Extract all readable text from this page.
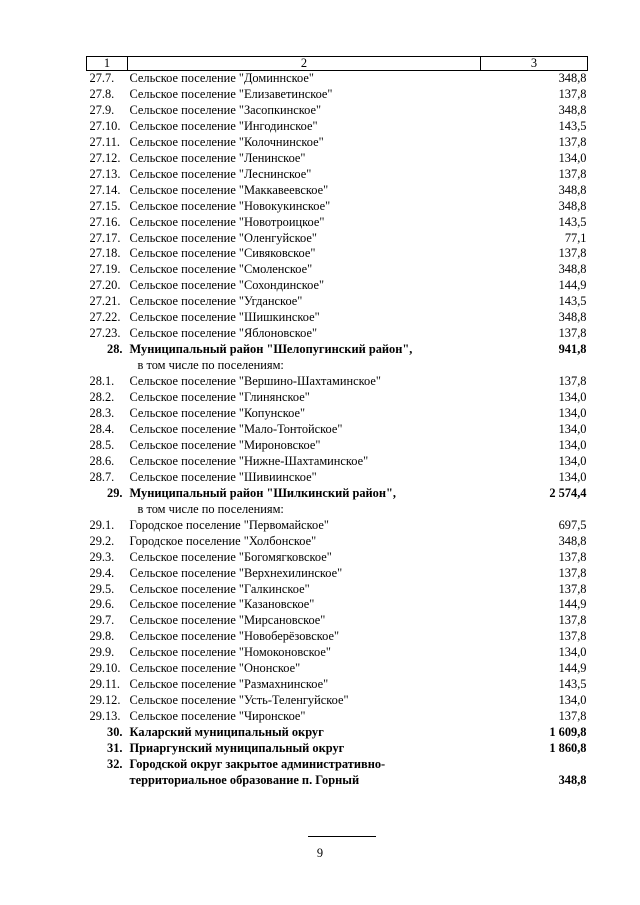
1	2	3
27.7.	Сельское поселение "Доминнское"	348,8
27.8.	Сельское поселение "Елизаветинское"	137,8
27.9.	Сельское поселение "Засопкинское"	348,8
27.10.	Сельское поселение "Ингодинское"	143,5
27.11.	Сельское поселение "Колочнинское"	137,8
27.12.	Сельское поселение "Ленинское"	134,0
27.13.	Сельское поселение "Леснинское"	137,8
27.14.	Сельское поселение "Маккавеевское"	348,8
27.15.	Сельское поселение "Новокукинское"	348,8
27.16.	Сельское поселение "Новотроицкое"	143,5
27.17.	Сельское поселение "Оленгуйское"	77,1
27.18.	Сельское поселение "Сивяковское"	137,8
27.19.	Сельское поселение "Смоленское"	348,8
27.20.	Сельское поселение "Сохондинское"	144,9
27.21.	Сельское поселение "Угданское"	143,5
27.22.	Сельское поселение "Шишкинское"	348,8
27.23.	Сельское поселение "Яблоновское"	137,8
28.	Муниципальный район "Шелопугинский район",	941,8
	в том числе по поселениям:	
28.1.	Сельское поселение "Вершино-Шахтаминское"	137,8
28.2.	Сельское поселение "Глинянское"	134,0
28.3.	Сельское поселение "Копунское"	134,0
28.4.	Сельское поселение "Мало-Тонтойское"	134,0
28.5.	Сельское поселение "Мироновское"	134,0
28.6.	Сельское поселение "Нижне-Шахтаминское"	134,0
28.7.	Сельское поселение "Шивиинское"	134,0
29.	Муниципальный район "Шилкинский район",	2 574,4
	в том числе по поселениям:	
29.1.	Городское поселение "Первомайское"	697,5
29.2.	Городское поселение "Холбонское"	348,8
29.3.	Сельское поселение "Богомягковское"	137,8
29.4.	Сельское поселение "Верхнехилинское"	137,8
29.5.	Сельское поселение "Галкинское"	137,8
29.6.	Сельское поселение "Казановское"	144,9
29.7.	Сельское поселение "Мирсановское"	137,8
29.8.	Сельское поселение "Новоберёзовское"	137,8
29.9.	Сельское поселение "Номоконовское"	134,0
29.10.	Сельское поселение "Ононское"	144,9
29.11.	Сельское поселение "Размахнинское"	143,5
29.12.	Сельское поселение "Усть-Теленгуйское"	134,0
29.13.	Сельское поселение "Чиронское"	137,8
30.	Каларский муниципальный округ	1 609,8
31.	Приаргунский муниципальный округ	1 860,8
32.	Городской округ закрытое административно-	
	территориальное образование п. Горный	348,8
9
